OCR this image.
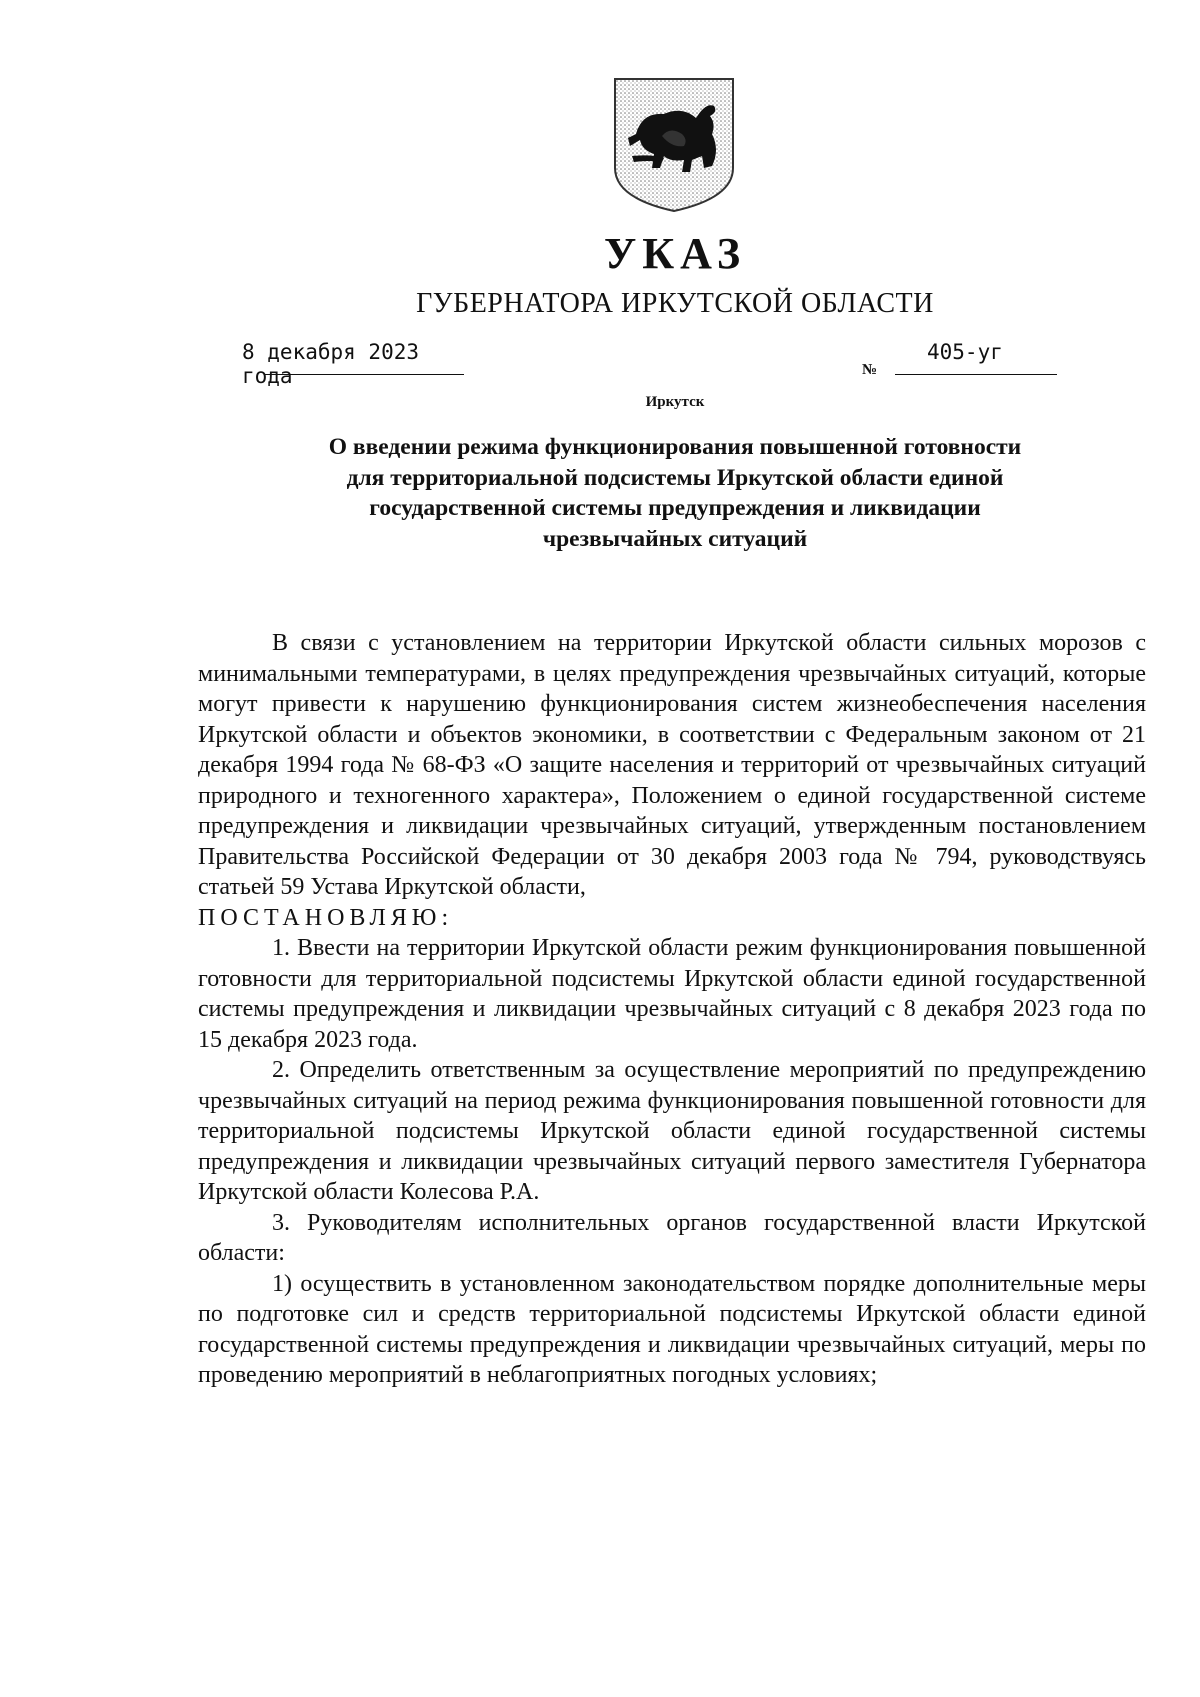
УКАЗ
ГУБЕРНАТОРА ИРКУТСКОЙ ОБЛАСТИ
8 декабря 2023 года	№
405-уг
Иркутск
О введении режима функционирования повышенной готовности
для территориальной подсистемы Иркутской области единой
государственной системы предупреждения и ликвидации
чрезвычайных ситуаций

В связи с установлением на территории Иркутской области сильных морозов с минимальными температурами, в целях предупреждения чрезвычайных ситуаций, которые могут привести к нарушению функционирования систем жизнеобеспечения населения Иркутской области и объектов экономики, в соответствии с Федеральным законом от 21 декабря 1994 года № 68-ФЗ «О защите населения и территорий от чрезвычайных ситуаций природного и техногенного характера», Положением о единой государственной системе предупреждения и ликвидации чрезвычайных ситуаций, утвержденным постановлением Правительства Российской Федерации от 30 декабря 2003 года № 794, руководствуясь статьей 59 Устава Иркутской области,

ПОСТАНОВЛЯЮ:

1. Ввести на территории Иркутской области режим функционирования повышенной готовности для территориальной подсистемы Иркутской области единой государственной системы предупреждения и ликвидации чрезвычайных ситуаций с 8 декабря 2023 года по 15 декабря 2023 года.

2. Определить ответственным за осуществление мероприятий по предупреждению чрезвычайных ситуаций на период режима функционирования повышенной готовности для территориальной подсистемы Иркутской области единой государственной системы предупреждения и ликвидации чрезвычайных ситуаций первого заместителя Губернатора Иркутской области Колесова Р.А.

3. Руководителям исполнительных органов государственной власти Иркутской области:

1) осуществить в установленном законодательством порядке дополнительные меры по подготовке сил и средств территориальной подсистемы Иркутской области единой государственной системы предупреждения и ликвидации чрезвычайных ситуаций, меры по проведению мероприятий в неблагоприятных погодных условиях;
